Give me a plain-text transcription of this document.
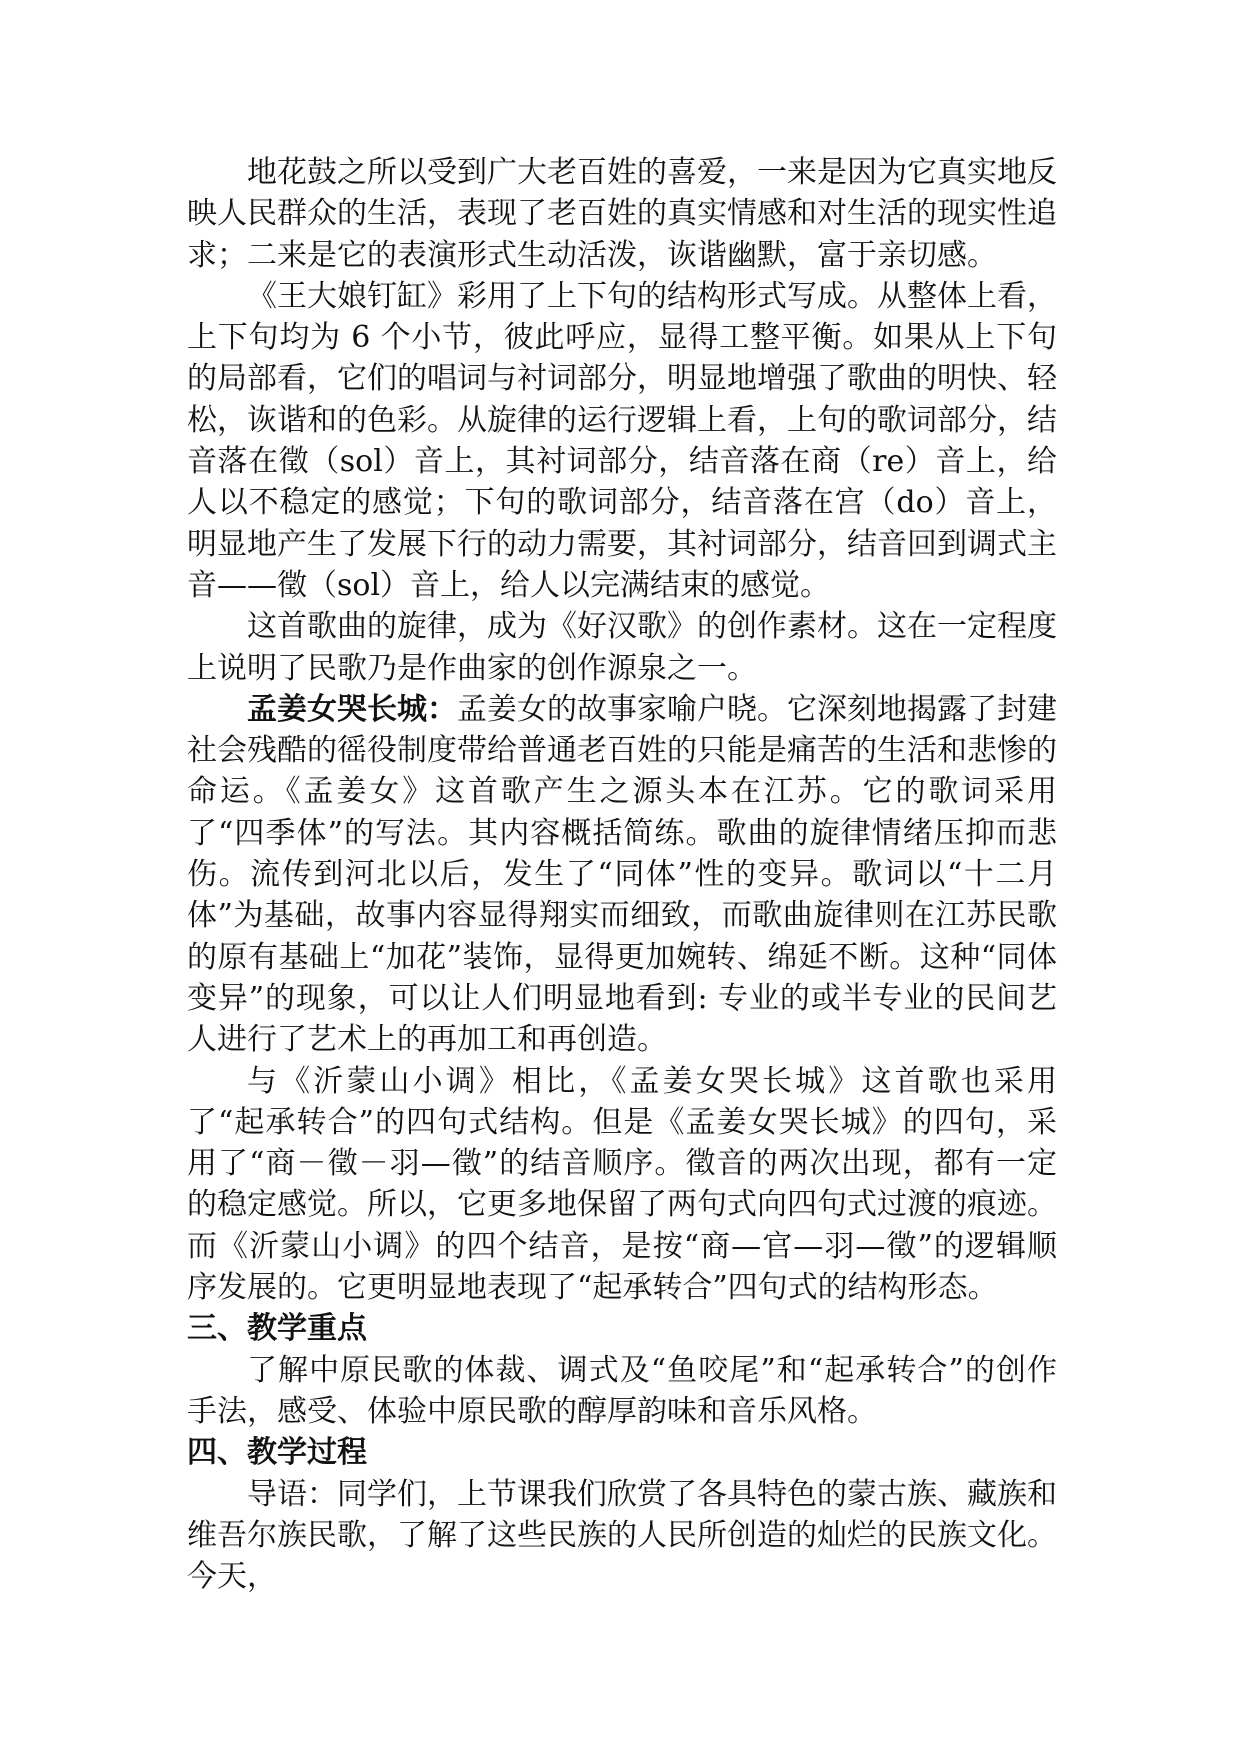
地花鼓之所以受到广大老百姓的喜爱，一来是因为它真实地反映人民群众的生活，表现了老百姓的真实情感和对生活的现实性追求；二来是它的表演形式生动活泼，诙谐幽默，富于亲切感。

《王大娘钉缸》彩用了上下句的结构形式写成。从整体上看，上下句均为 6 个小节，彼此呼应，显得工整平衡。如果从上下句的局部看，它们的唱词与衬词部分，明显地增强了歌曲的明快、轻松，诙谐和的色彩。从旋律的运行逻辑上看，上句的歌词部分，结音落在徵（sol）音上，其衬词部分，结音落在商（re）音上，给人以不稳定的感觉；下句的歌词部分，结音落在宫（do）音上，明显地产生了发展下行的动力需要，其衬词部分，结音回到调式主音——徵（sol）音上，给人以完满结束的感觉。

这首歌曲的旋律，成为《好汉歌》的创作素材。这在一定程度上说明了民歌乃是作曲家的创作源泉之一。

孟姜女哭长城：孟姜女的故事家喻户晓。它深刻地揭露了封建社会残酷的徭役制度带给普通老百姓的只能是痛苦的生活和悲惨的命运。《孟姜女》这首歌产生之源头本在江苏。它的歌词采用了“四季体”的写法。其内容概括简练。歌曲的旋律情绪压抑而悲伤。流传到河北以后，发生了“同体”性的变异。歌词以“十二月体”为基础，故事内容显得翔实而细致，而歌曲旋律则在江苏民歌的原有基础上“加花”装饰，显得更加婉转、绵延不断。这种“同体变异”的现象，可以让人们明显地看到: 专业的或半专业的民间艺人进行了艺术上的再加工和再创造。

与《沂蒙山小调》相比，《孟姜女哭长城》这首歌也采用了“起承转合”的四句式结构。但是《孟姜女哭长城》的四句，采用了“商－徵－羽—徵”的结音顺序。徵音的两次出现，都有一定的稳定感觉。所以，它更多地保留了两句式向四句式过渡的痕迹。而《沂蒙山小调》的四个结音，是按“商—官—羽—徵”的逻辑顺序发展的。它更明显地表现了“起承转合”四句式的结构形态。

三、教学重点

了解中原民歌的体裁、调式及“鱼咬尾”和“起承转合”的创作手法，感受、体验中原民歌的醇厚韵味和音乐风格。

四、教学过程

导语：同学们，上节课我们欣赏了各具特色的蒙古族、藏族和维吾尔族民歌，了解了这些民族的人民所创造的灿烂的民族文化。今天，
